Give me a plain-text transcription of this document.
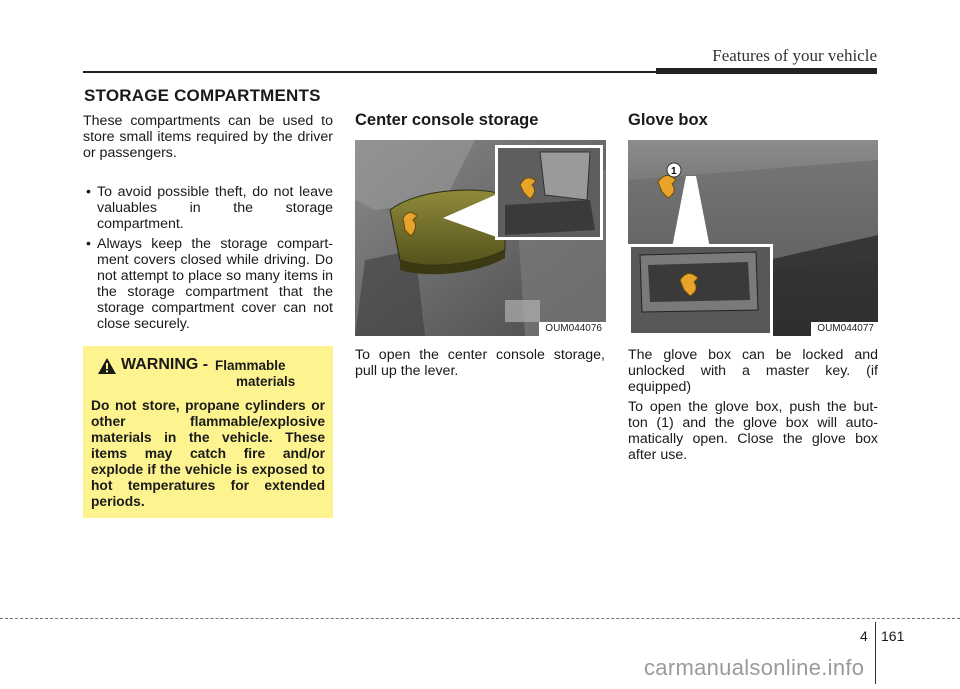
Features of your vehicle
STORAGE COMPARTMENTS
These compartments can be used to store small items required by the driver or passengers.
• To avoid possible theft, do not leave valuables in the storage compartment.
• Always keep the storage compart- ment covers closed while driving. Do not attempt to place so many items in the storage compartment that the storage compartment cover can not close securely.
WARNING - Flammable
materials
Do not store, propane cylinders or other flammable/explosive materials in the vehicle. These items may catch fire and/or explode if the vehicle is exposed to hot temperatures for extended periods.
Center console storage
OUM044076
To open the center console storage, pull up the lever.
Glove box
1
OUM044077
The glove box can be locked and unlocked with a master key. (if equipped)
To open the glove box, push the but- ton (1) and the glove box will auto- matically open. Close the glove box after use.
4 161
carmanualsonline.info
